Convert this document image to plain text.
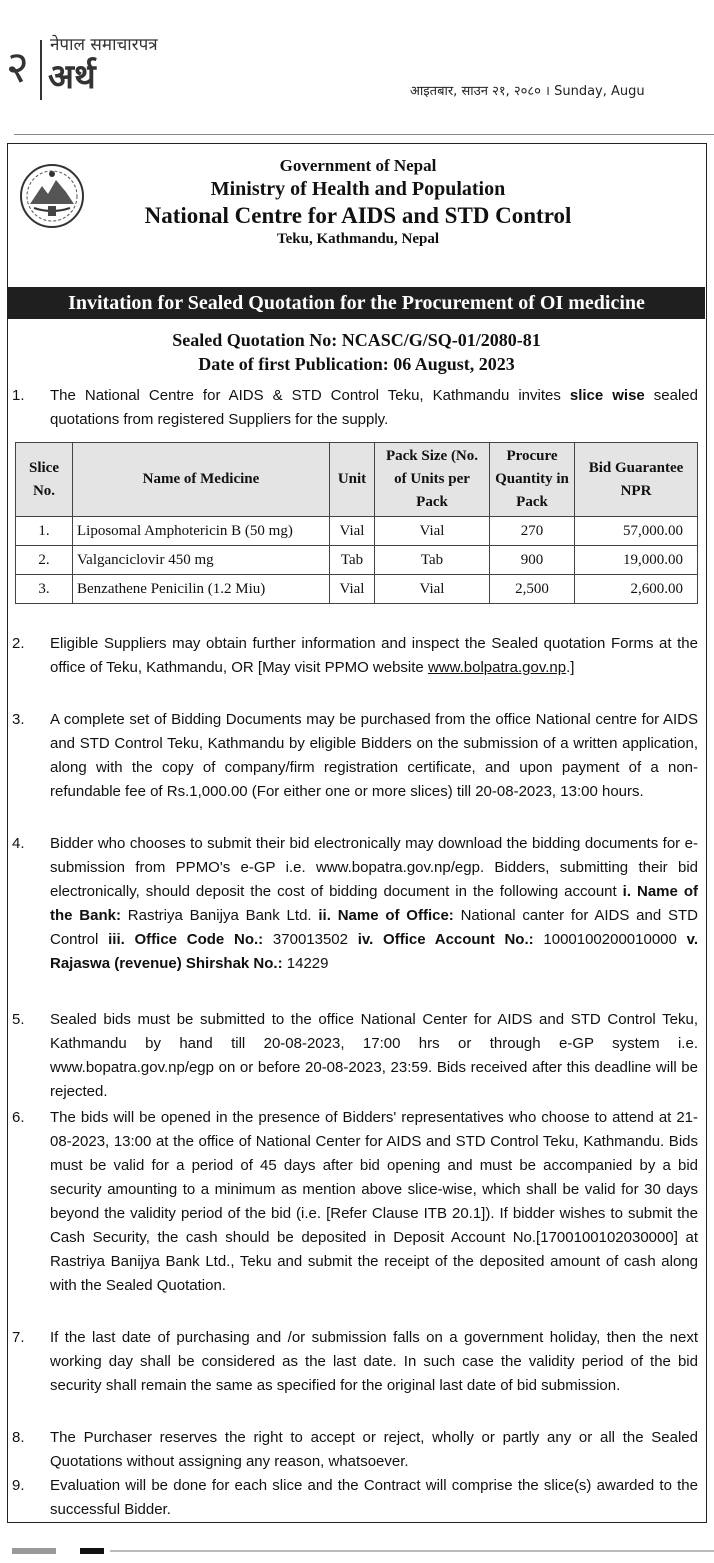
२ नेपाल समाचारपत्र
अर्थ	आइतबार, साउन २१, २०८० । Sunday, Augu
Government of Nepal
Ministry of Health and Population
National Centre for AIDS and STD Control
Teku, Kathmandu, Nepal
Invitation for Sealed Quotation for the Procurement of OI medicine
Sealed Quotation No: NCASC/G/SQ-01/2080-81
Date of first Publication: 06 August, 2023
1. The National Centre for AIDS & STD Control Teku, Kathmandu invites slice wise sealed quotations from registered Suppliers for the supply.
Slice No.	Name of Medicine	Unit	Pack Size (No. of Units per Pack	Procure Quantity in Pack	Bid Guarantee NPR
1.	Liposomal Amphotericin B (50 mg)	Vial	Vial	270	57,000.00
2.	Valganciclovir 450 mg	Tab	Tab	900	19,000.00
3.	Benzathene Penicilin (1.2 Miu)	Vial	Vial	2,500	2,600.00
2. Eligible Suppliers may obtain further information and inspect the Sealed quotation Forms at the office of Teku, Kathmandu, OR [May visit PPMO website www.bolpatra.gov.np.]
3. A complete set of Bidding Documents may be purchased from the office National centre for AIDS and STD Control Teku, Kathmandu by eligible Bidders on the submission of a written application, along with the copy of company/firm registration certificate, and upon payment of a non-refundable fee of Rs.1,000.00 (For either one or more slices) till 20-08-2023, 13:00 hours.
4. Bidder who chooses to submit their bid electronically may download the bidding documents for e-submission from PPMO's e-GP i.e. www.bopatra.gov.np/egp. Bidders, submitting their bid electronically, should deposit the cost of bidding document in the following account i. Name of the Bank: Rastriya Banijya Bank Ltd. ii. Name of Office: National canter for AIDS and STD Control iii. Office Code No.: 370013502 iv. Office Account No.: 1000100200010000 v. Rajaswa (revenue) Shirshak No.: 14229
5. Sealed bids must be submitted to the office National Center for AIDS and STD Control Teku, Kathmandu by hand till 20-08-2023, 17:00 hrs or through e-GP system i.e. www.bopatra.gov.np/egp on or before 20-08-2023, 23:59. Bids received after this deadline will be rejected.
6. The bids will be opened in the presence of Bidders' representatives who choose to attend at 21-08-2023, 13:00 at the office of National Center for AIDS and STD Control Teku, Kathmandu. Bids must be valid for a period of 45 days after bid opening and must be accompanied by a bid security amounting to a minimum as mention above slice-wise, which shall be valid for 30 days beyond the validity period of the bid (i.e. [Refer Clause ITB 20.1]). If bidder wishes to submit the Cash Security, the cash should be deposited in Deposit Account No.[1700100102030000] at Rastriya Banijya Bank Ltd., Teku and submit the receipt of the deposited amount of cash along with the Sealed Quotation.
7. If the last date of purchasing and /or submission falls on a government holiday, then the next working day shall be considered as the last date. In such case the validity period of the bid security shall remain the same as specified for the original last date of bid submission.
8. The Purchaser reserves the right to accept or reject, wholly or partly any or all the Sealed Quotations without assigning any reason, whatsoever.
9. Evaluation will be done for each slice and the Contract will comprise the slice(s) awarded to the successful Bidder.
